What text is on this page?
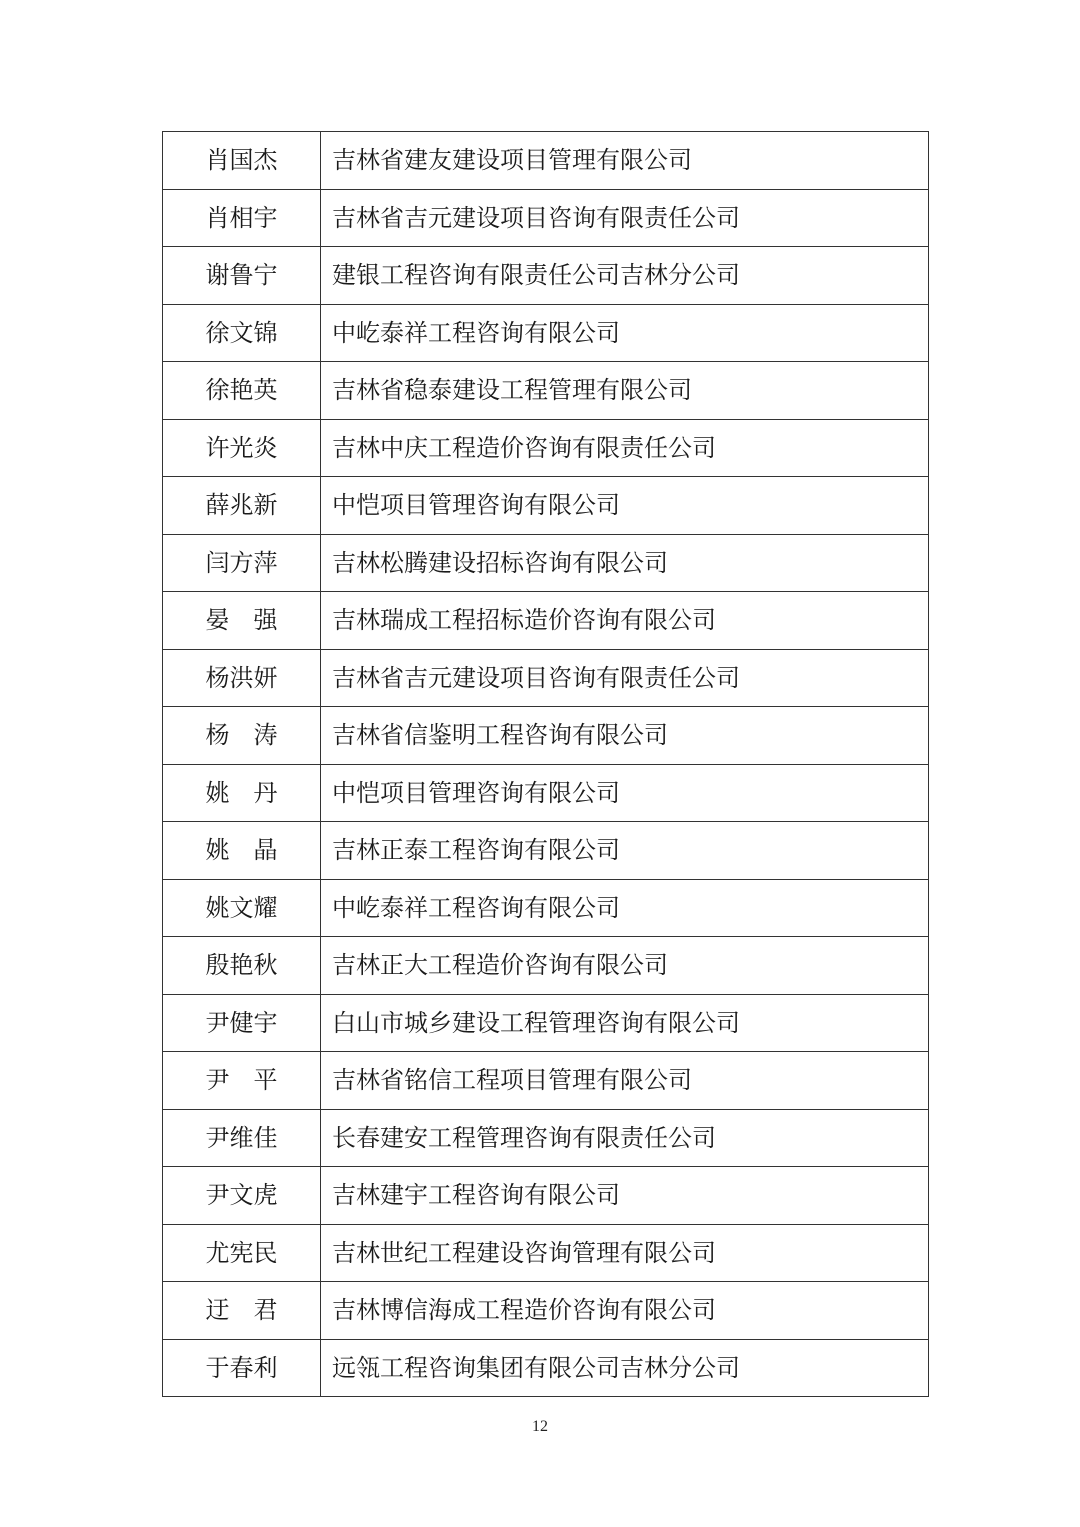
肖国杰	吉林省建友建设项目管理有限公司
肖相宇	吉林省吉元建设项目咨询有限责任公司
谢鲁宁	建银工程咨询有限责任公司吉林分公司
徐文锦	中屹泰祥工程咨询有限公司
徐艳英	吉林省稳泰建设工程管理有限公司
许光炎	吉林中庆工程造价咨询有限责任公司
薛兆新	中恺项目管理咨询有限公司
闫方萍	吉林松腾建设招标咨询有限公司
晏　强	吉林瑞成工程招标造价咨询有限公司
杨洪妍	吉林省吉元建设项目咨询有限责任公司
杨　涛	吉林省信鉴明工程咨询有限公司
姚　丹	中恺项目管理咨询有限公司
姚　晶	吉林正泰工程咨询有限公司
姚文耀	中屹泰祥工程咨询有限公司
殷艳秋	吉林正大工程造价咨询有限公司
尹健宇	白山市城乡建设工程管理咨询有限公司
尹　平	吉林省铭信工程项目管理有限公司
尹维佳	长春建安工程管理咨询有限责任公司
尹文虎	吉林建宇工程咨询有限公司
尤宪民	吉林世纪工程建设咨询管理有限公司
迂　君	吉林博信海成工程造价咨询有限公司
于春利	远瓴工程咨询集团有限公司吉林分公司
12
